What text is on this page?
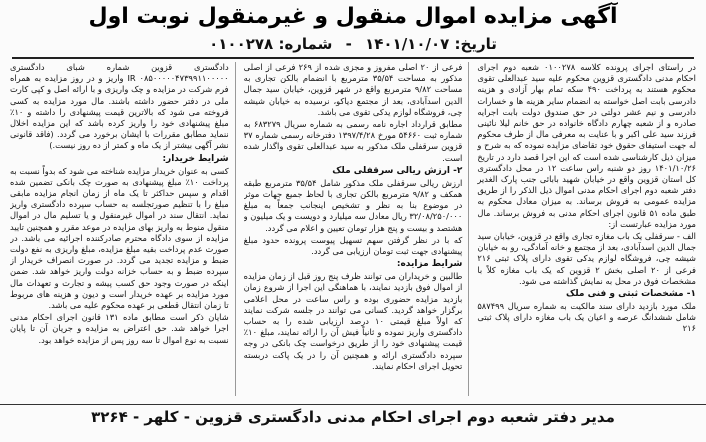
آگهی مزایده اموال منقول و غیرمنقول نوبت اول
تاریخ: ۱۴۰۱/۱۰/۰۷ - شماره: ۰۱۰۰۲۷۸

در راستای اجرای پرونده کلاسه ۰۱۰۰۲۷۸ شعبه دوم اجرای احکام مدنی دادگستری قزوین محکوم علیه سید عبدالعلی تقوی محکوم هستند به پرداخت ۴۹۰ سکه تمام بهار آزادی و هزینه دادرسی بابت اصل خواسته به انضمام سایر هزینه ها و خسارات دادرسی و نیم عشر دولتی در حق صندوق دولت بابت اجرایه صادره و از شعبه چهارم دادگاه خانواده در حق خانم لیلا نائینی فرزند سید علی اکبر و با عنایت به معرفی مال از طرف محکوم له جهت استیفای حقوق خود تقاضای مزایده نموده که به شرح و میزان ذیل کارشناسی شده است که این اجرا قصد دارد در تاریخ ۱۴۰۱/۱۰/۲۶ روز دو شنبه راس ساعت ۱۲ در محل دادگستری کل استان قزوین واقع در خیابان شهید بابائی جنب پارک الغدیر دفتر شعبه دوم اجرای احکام مدنی اموال ذیل الذکر را از طریق مزایده عمومی به فروش برساند. به میزان معادل محکوم به طبق ماده ۵۱ قانون اجرای احکام مدنی به فروش برساند. مال مورد مزایده عبارتست از:

الف - سرقفلی یک باب مغازه تجاری واقع در قزوین، خیابان سید جمال الدین اسدآبادی، بعد از مجتمع و خانه آمادگی، رو به خیابان شیشه چی، فروشگاه لوازم یدکی تقوی دارای پلاک ثبتی ۲۱۶ فرعی از ۲۰ اصلی بخش ۲ قزوین که یک باب مغازه کلاً با مشخصات فوق در محل به نمایش گذاشته می شود.

۱- مشخصات ثبتی و فنی ملک

ملک مورد بازدید دارای سند مالکیت به شماره سریال ۵۸۷۴۹۹ شامل ششدانگ عرصه و اعیان یک باب مغازه دارای پلاک ثبتی ۲۱۶

فرعی از ۲۰ اصلی مفروز و مجزی شده از ۲۶۹ فرعی از اصلی مذکور به مساحت ۳۵/۵۴ مترمربع با انضمام بالکن تجاری به مساحت ۹/۸۲ مترمربع واقع در شهر قزوین، خیابان سید جمال الدین اسدآبادی، بعد از مجتمع دیاکو، نرسیده به خیابان شیشه چی، فروشگاه لوازم یدکی تقوی می باشد.

مطابق قرارداد اجاره نامه رسمی به شماره سریال ۶۸۳۲۷۹ به شماره ثبت ۵۴۶۶۰ مورخ ۱۳۹۷/۴/۲۸ دفترخانه رسمی شماره ۳۷ قزوین سرقفلی ملک مذکور به سید عبدالعلی تقوی واگذار شده است.

۲- ارزش ریالی سرقفلی ملک

ارزش ریالی سرقفلی ملک مذکور شامل ۳۵/۵۴ مترمربع طبقه همکف و ۹/۸۲ مترمربع بالکن تجاری با لحاظ جمیع جهات موثر در موضوع بنا به نظر و تشخیص اینجانب جمعاً به مبلغ ۳۲/۰۸/۲۵۰/۰۰۰ ریال معادل سه میلیارد و دویست و یک میلیون و هشتصد و بیست و پنج هزار تومان تعیین و اعلام می گردد.

که با در نظر گرفتن سهم تسهیل پیوست پرونده حدود مبلغ پیشنهادی جهت ثبت تومان ارزیابی می گردد.

شرایط مزایده:

طالبین و خریداران می توانند ظرف پنج روز قبل از زمان مزایده از اموال فوق بازدید نمایند، با هماهنگی این اجرا از شروع زمان بازدید مزایده حضوری بوده و راس ساعت در محل اعلامی برگزار خواهد گردید. کسانی می توانند در جلسه شرکت نمایند که اولاً مبلغ قیمتی ۱۰ درصد ارزیابی شده را به حساب دادگستری واریز نموده و ثانیاً فیش آن را ارائه نمایند، مبلغ ۱۰٪ قیمت پیشنهادی خود را از طریق درخواست چک بانکی در وجه سپرده دادگستری ارائه و همچنین آن را در یک پاکت دربسته تحویل اجرای احکام نمایند.

دادگستری قزوین شماره شبای دادگستری ۰۸۵۰۰۰۰۰۴۷۳۹۹۱۱۰۰۰۰۰ IR واریز و در روز مزایده به همراه فرم شرکت در مزایده و چک واریزی و با ارائه اصل و کپی کارت ملی در دفتر حضور داشته باشند. مال مورد مزایده به کسی فروخته می شود که بالاترین قیمت پیشنهادی را داشته و ۱۰٪ مبلغ پیشنهادی خود را واریز کرده باشد که این مزایده اخلال ننماید مطابق مقررات با ایشان برخورد می گردد. (فاقد قانونی نشر آگهی بیشتر از یک ماه و کمتر از ده روز نیست.)

شرایط خریدار:

کسی به عنوان خریدار مزایده شناخته می شود که بدواً نسبت به پرداخت ۱۰٪ مبلغ پیشنهادی به صورت چک بانکی تضمین شده اقدام و سپس حداکثر تا یک ماه از زمان انجام مزایده مابقی مبلغ را با تنظیم صورتجلسه به حساب سپرده دادگستری واریز نماید. انتقال سند در اموال غیرمنقول و یا تسلیم مال در اموال منقول منوط به واریز بهای مزایده در موعد مقرر و همچنین تایید مزایده از سوی دادگاه محترم صادرکننده اجرائیه می باشد. در صورت عدم پرداخت بقیه مبلغ مزایده، مبلغ واریزی به نفع دولت ضبط و مزایده تجدید می گردد. در صورت انصراف خریدار از سپرده ضبط و به حساب خزانه دولت واریز خواهد شد. ضمن اینکه در صورت وجود حق کسب پیشه و تجارت و تعهدات مال مورد مزایده بر عهده خریدار است و دیون و هزینه های مربوط تا زمان انتقال قطعی بر عهده محکوم علیه می باشد.

شایان ذکر است مطابق ماده ۱۳۱ قانون اجرای احکام مدنی اجرا خواهد شد. حق اعتراض به مزایده و جریان آن تا پایان نسبت به نوع اموال تا سه روز پس از مزایده خواهد بود.

مدیر دفتر شعبه دوم اجرای احکام مدنی دادگستری قزوین - کلهر - ۳۲۶۴
